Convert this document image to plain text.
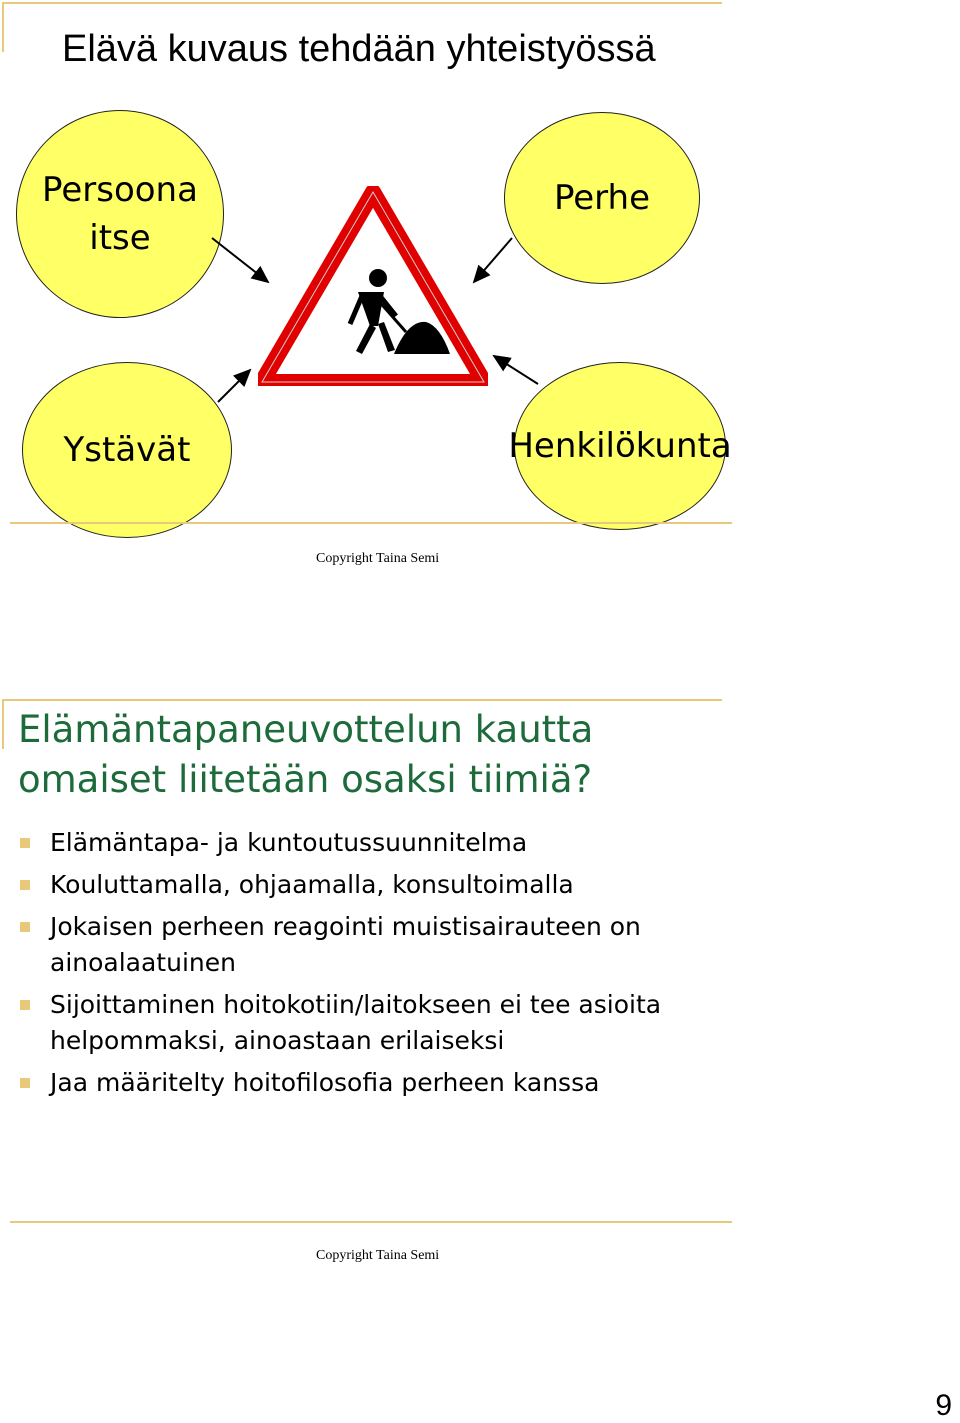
Elävä kuvaus tehdään yhteistyössä
Persoona
itse
Perhe
Ystävät	Henkilökunta
Copyright Taina Semi
Elämäntapaneuvottelun kautta
omaiset liitetään osaksi tiimiä?
Elämäntapa- ja kuntoutussuunnitelma
Kouluttamalla, ohjaamalla, konsultoimalla
Jokaisen perheen reagointi muistisairauteen on ainoalaatuinen
Sijoittaminen hoitokotiin/laitokseen ei tee asioita helpommaksi, ainoastaan erilaiseksi
Jaa määritelty hoitofilosofia perheen kanssa
Copyright Taina Semi
9
